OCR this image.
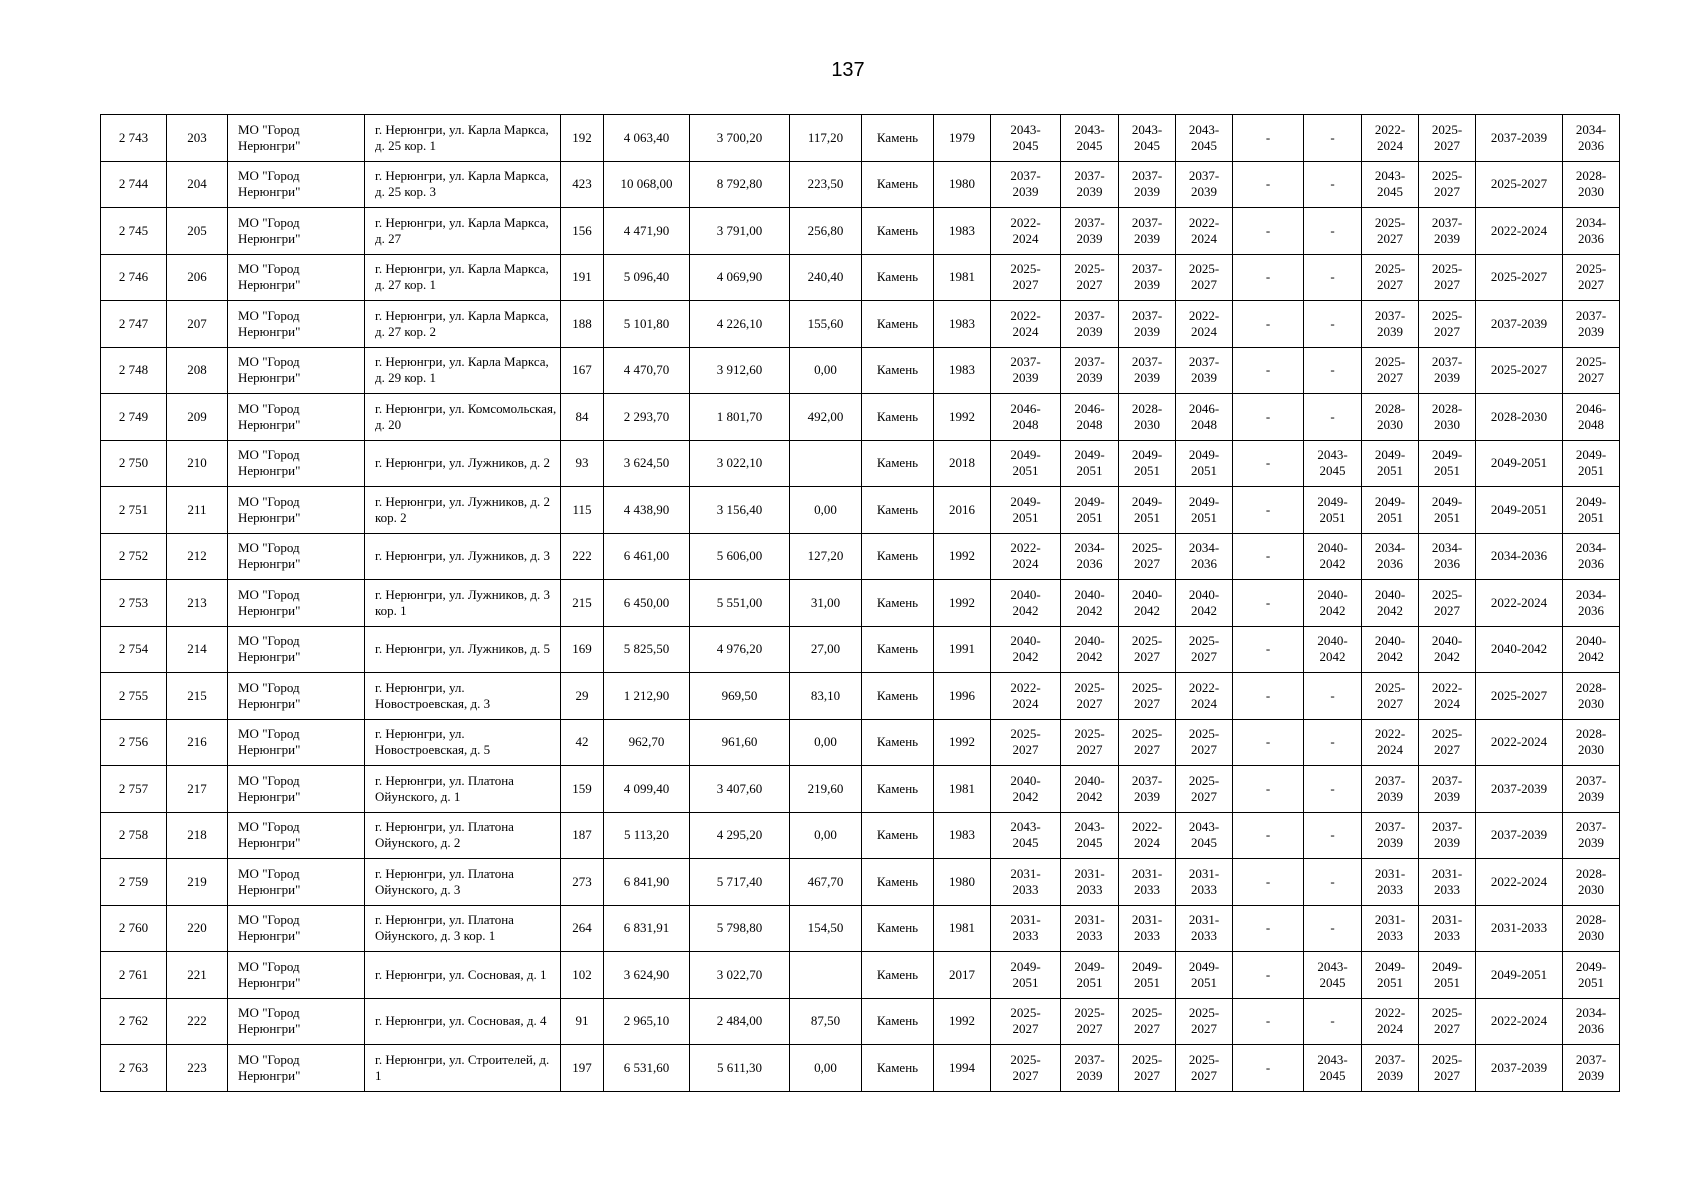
137
2 743	203	МО "Город Нерюнгри"	г. Нерюнгри, ул. Карла Маркса, д. 25 кор. 1	192	4 063,40	3 700,20	117,20	Камень	1979	2043-
2045	2043-
2045	2043-
2045	2043-
2045	-	-	2022-
2024	2025-
2027	2037-2039	2034-
2036
2 744	204	МО "Город Нерюнгри"	г. Нерюнгри, ул. Карла Маркса, д. 25 кор. 3	423	10 068,00	8 792,80	223,50	Камень	1980	2037-
2039	2037-
2039	2037-
2039	2037-
2039	-	-	2043-
2045	2025-
2027	2025-2027	2028-
2030
2 745	205	МО "Город Нерюнгри"	г. Нерюнгри, ул. Карла Маркса, д. 27	156	4 471,90	3 791,00	256,80	Камень	1983	2022-
2024	2037-
2039	2037-
2039	2022-
2024	-	-	2025-
2027	2037-
2039	2022-2024	2034-
2036
2 746	206	МО "Город Нерюнгри"	г. Нерюнгри, ул. Карла Маркса, д. 27 кор. 1	191	5 096,40	4 069,90	240,40	Камень	1981	2025-
2027	2025-
2027	2037-
2039	2025-
2027	-	-	2025-
2027	2025-
2027	2025-2027	2025-
2027
2 747	207	МО "Город Нерюнгри"	г. Нерюнгри, ул. Карла Маркса, д. 27 кор. 2	188	5 101,80	4 226,10	155,60	Камень	1983	2022-
2024	2037-
2039	2037-
2039	2022-
2024	-	-	2037-
2039	2025-
2027	2037-2039	2037-
2039
2 748	208	МО "Город Нерюнгри"	г. Нерюнгри, ул. Карла Маркса, д. 29 кор. 1	167	4 470,70	3 912,60	0,00	Камень	1983	2037-
2039	2037-
2039	2037-
2039	2037-
2039	-	-	2025-
2027	2037-
2039	2025-2027	2025-
2027
2 749	209	МО "Город Нерюнгри"	г. Нерюнгри, ул. Комсомольская, д. 20	84	2 293,70	1 801,70	492,00	Камень	1992	2046-
2048	2046-
2048	2028-
2030	2046-
2048	-	-	2028-
2030	2028-
2030	2028-2030	2046-
2048
2 750	210	МО "Город Нерюнгри"	г. Нерюнгри, ул. Лужников, д. 2	93	3 624,50	3 022,10		Камень	2018	2049-
2051	2049-
2051	2049-
2051	2049-
2051	-	2043-
2045	2049-
2051	2049-
2051	2049-2051	2049-
2051
2 751	211	МО "Город Нерюнгри"	г. Нерюнгри, ул. Лужников, д. 2 кор. 2	115	4 438,90	3 156,40	0,00	Камень	2016	2049-
2051	2049-
2051	2049-
2051	2049-
2051	-	2049-
2051	2049-
2051	2049-
2051	2049-2051	2049-
2051
2 752	212	МО "Город Нерюнгри"	г. Нерюнгри, ул. Лужников, д. 3	222	6 461,00	5 606,00	127,20	Камень	1992	2022-
2024	2034-
2036	2025-
2027	2034-
2036	-	2040-
2042	2034-
2036	2034-
2036	2034-2036	2034-
2036
2 753	213	МО "Город Нерюнгри"	г. Нерюнгри, ул. Лужников, д. 3 кор. 1	215	6 450,00	5 551,00	31,00	Камень	1992	2040-
2042	2040-
2042	2040-
2042	2040-
2042	-	2040-
2042	2040-
2042	2025-
2027	2022-2024	2034-
2036
2 754	214	МО "Город Нерюнгри"	г. Нерюнгри, ул. Лужников, д. 5	169	5 825,50	4 976,20	27,00	Камень	1991	2040-
2042	2040-
2042	2025-
2027	2025-
2027	-	2040-
2042	2040-
2042	2040-
2042	2040-2042	2040-
2042
2 755	215	МО "Город Нерюнгри"	г. Нерюнгри, ул. Новостроевская, д. 3	29	1 212,90	969,50	83,10	Камень	1996	2022-
2024	2025-
2027	2025-
2027	2022-
2024	-	-	2025-
2027	2022-
2024	2025-2027	2028-
2030
2 756	216	МО "Город Нерюнгри"	г. Нерюнгри, ул. Новостроевская, д. 5	42	962,70	961,60	0,00	Камень	1992	2025-
2027	2025-
2027	2025-
2027	2025-
2027	-	-	2022-
2024	2025-
2027	2022-2024	2028-
2030
2 757	217	МО "Город Нерюнгри"	г. Нерюнгри, ул. Платона Ойунского, д. 1	159	4 099,40	3 407,60	219,60	Камень	1981	2040-
2042	2040-
2042	2037-
2039	2025-
2027	-	-	2037-
2039	2037-
2039	2037-2039	2037-
2039
2 758	218	МО "Город Нерюнгри"	г. Нерюнгри, ул. Платона Ойунского, д. 2	187	5 113,20	4 295,20	0,00	Камень	1983	2043-
2045	2043-
2045	2022-
2024	2043-
2045	-	-	2037-
2039	2037-
2039	2037-2039	2037-
2039
2 759	219	МО "Город Нерюнгри"	г. Нерюнгри, ул. Платона Ойунского, д. 3	273	6 841,90	5 717,40	467,70	Камень	1980	2031-
2033	2031-
2033	2031-
2033	2031-
2033	-	-	2031-
2033	2031-
2033	2022-2024	2028-
2030
2 760	220	МО "Город Нерюнгри"	г. Нерюнгри, ул. Платона Ойунского, д. 3 кор. 1	264	6 831,91	5 798,80	154,50	Камень	1981	2031-
2033	2031-
2033	2031-
2033	2031-
2033	-	-	2031-
2033	2031-
2033	2031-2033	2028-
2030
2 761	221	МО "Город Нерюнгри"	г. Нерюнгри, ул. Сосновая, д. 1	102	3 624,90	3 022,70		Камень	2017	2049-
2051	2049-
2051	2049-
2051	2049-
2051	-	2043-
2045	2049-
2051	2049-
2051	2049-2051	2049-
2051
2 762	222	МО "Город Нерюнгри"	г. Нерюнгри, ул. Сосновая, д. 4	91	2 965,10	2 484,00	87,50	Камень	1992	2025-
2027	2025-
2027	2025-
2027	2025-
2027	-	-	2022-
2024	2025-
2027	2022-2024	2034-
2036
2 763	223	МО "Город Нерюнгри"	г. Нерюнгри, ул. Строителей, д. 1	197	6 531,60	5 611,30	0,00	Камень	1994	2025-
2027	2037-
2039	2025-
2027	2025-
2027	-	2043-
2045	2037-
2039	2025-
2027	2037-2039	2037-
2039
